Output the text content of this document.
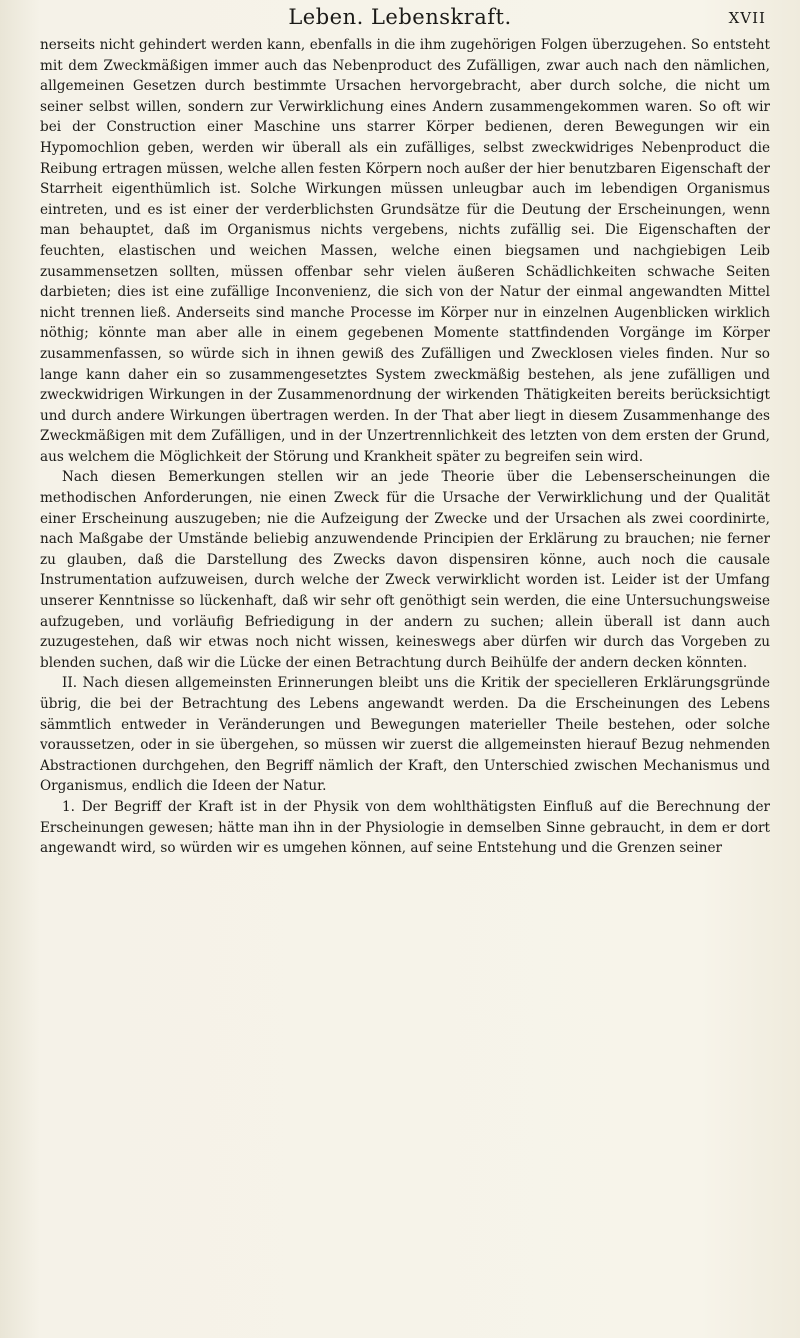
Leben. Lebenskraft.	XVII

nerseits nicht gehindert werden kann, ebenfalls in die ihm zugehörigen Folgen überzugehen. So entsteht mit dem Zweckmäßigen immer auch das Nebenproduct des Zufälligen, zwar auch nach den nämlichen, allgemeinen Gesetzen durch bestimmte Ursachen hervorgebracht, aber durch solche, die nicht um seiner selbst willen, sondern zur Verwirklichung eines Andern zusammengekommen waren. So oft wir bei der Construction einer Maschine uns starrer Körper bedienen, deren Bewegungen wir ein Hypomochlion geben, werden wir überall als ein zufälliges, selbst zweckwidriges Nebenproduct die Reibung ertragen müssen, welche allen festen Körpern noch außer der hier benutzbaren Eigenschaft der Starrheit eigenthümlich ist. Solche Wirkungen müssen unleugbar auch im lebendigen Organismus eintreten, und es ist einer der verderblichsten Grundsätze für die Deutung der Erscheinungen, wenn man behauptet, daß im Organismus nichts vergebens, nichts zufällig sei. Die Eigenschaften der feuchten, elastischen und weichen Massen, welche einen biegsamen und nachgiebigen Leib zusammensetzen sollten, müssen offenbar sehr vielen äußeren Schädlichkeiten schwache Seiten darbieten; dies ist eine zufällige Inconvenienz, die sich von der Natur der einmal angewandten Mittel nicht trennen ließ. Anderseits sind manche Processe im Körper nur in einzelnen Augenblicken wirklich nöthig; könnte man aber alle in einem gegebenen Momente stattfindenden Vorgänge im Körper zusammenfassen, so würde sich in ihnen gewiß des Zufälligen und Zwecklosen vieles finden. Nur so lange kann daher ein so zusammengesetztes System zweckmäßig bestehen, als jene zufälligen und zweckwidrigen Wirkungen in der Zusammenordnung der wirkenden Thätigkeiten bereits berücksichtigt und durch andere Wirkungen übertragen werden. In der That aber liegt in diesem Zusammenhange des Zweckmäßigen mit dem Zufälligen, und in der Unzertrennlichkeit des letzten von dem ersten der Grund, aus welchem die Möglichkeit der Störung und Krankheit später zu begreifen sein wird.

Nach diesen Bemerkungen stellen wir an jede Theorie über die Lebenserscheinungen die methodischen Anforderungen, nie einen Zweck für die Ursache der Verwirklichung und der Qualität einer Erscheinung auszugeben; nie die Aufzeigung der Zwecke und der Ursachen als zwei coordinirte, nach Maßgabe der Umstände beliebig anzuwendende Principien der Erklärung zu brauchen; nie ferner zu glauben, daß die Darstellung des Zwecks davon dispensiren könne, auch noch die causale Instrumentation aufzuweisen, durch welche der Zweck verwirklicht worden ist. Leider ist der Umfang unserer Kenntnisse so lückenhaft, daß wir sehr oft genöthigt sein werden, die eine Untersuchungsweise aufzugeben, und vorläufig Befriedigung in der andern zu suchen; allein überall ist dann auch zuzugestehen, daß wir etwas noch nicht wissen, keineswegs aber dürfen wir durch das Vorgeben zu blenden suchen, daß wir die Lücke der einen Betrachtung durch Beihülfe der andern decken könnten.

II. Nach diesen allgemeinsten Erinnerungen bleibt uns die Kritik der specielleren Erklärungsgründe übrig, die bei der Betrachtung des Lebens angewandt werden. Da die Erscheinungen des Lebens sämmtlich entweder in Veränderungen und Bewegungen materieller Theile bestehen, oder solche voraussetzen, oder in sie übergehen, so müssen wir zuerst die allgemeinsten hierauf Bezug nehmenden Abstractionen durchgehen, den Begriff nämlich der Kraft, den Unterschied zwischen Mechanismus und Organismus, endlich die Ideen der Natur.

1. Der Begriff der Kraft ist in der Physik von dem wohlthätigsten Einfluß auf die Berechnung der Erscheinungen gewesen; hätte man ihn in der Physiologie in demselben Sinne gebraucht, in dem er dort angewandt wird, so würden wir es umgehen können, auf seine Entstehung und die Grenzen seiner
